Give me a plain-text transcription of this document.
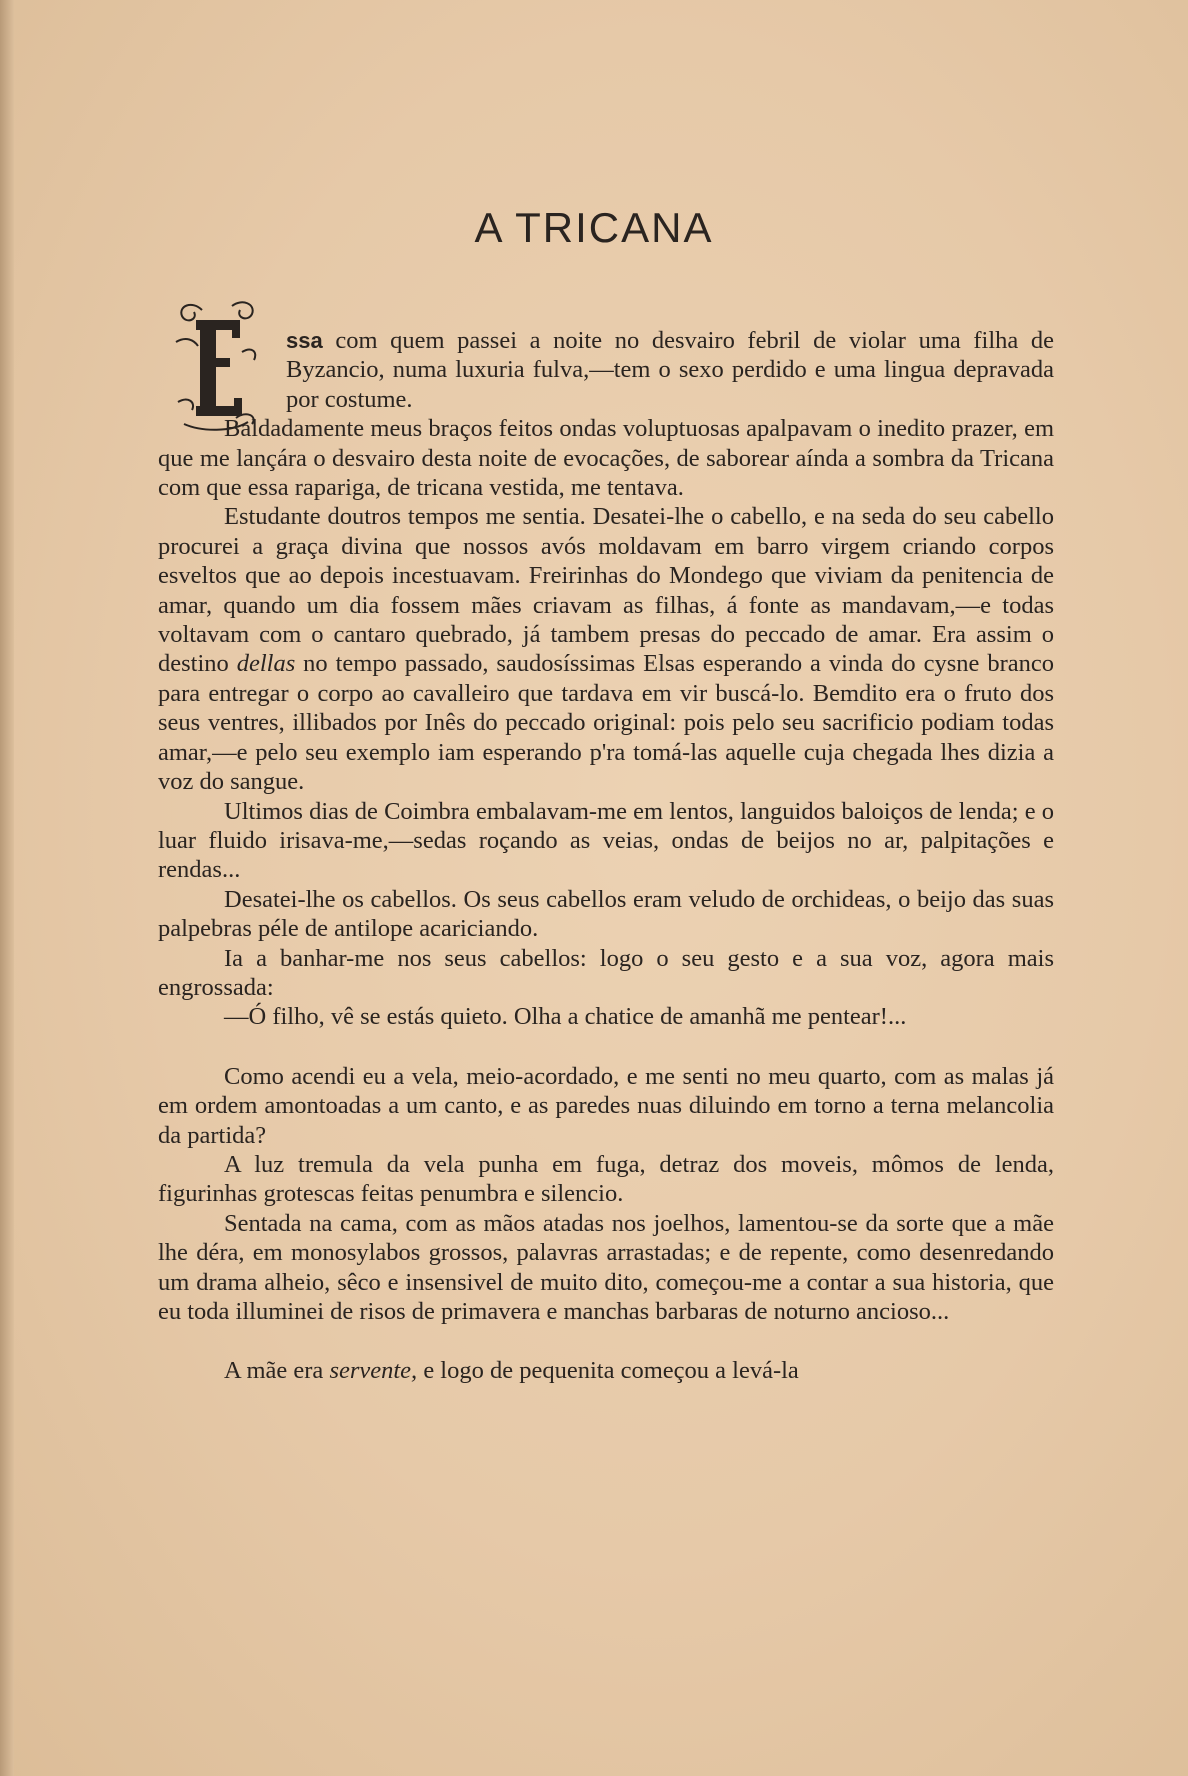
A TRICANA

ssa com quem passei a noite no desvairo febril de violar uma filha de Byzancio, numa luxuria fulva,—tem o sexo perdido e uma lingua depravada por costume.

Baldadamente meus braços feitos ondas voluptuosas apalpavam o inedito prazer, em que me lançára o desvairo desta noite de evocações, de saborear aínda a sombra da Tricana com que essa rapariga, de tricana vestida, me tentava.

Estudante doutros tempos me sentia. Desatei-lhe o cabello, e na seda do seu cabello procurei a graça divina que nossos avós moldavam em barro virgem criando corpos esveltos que ao depois incestuavam. Freirinhas do Mondego que viviam da penitencia de amar, quando um dia fossem mães criavam as filhas, á fonte as mandavam,—e todas voltavam com o cantaro quebrado, já tambem presas do peccado de amar. Era assim o destino dellas no tempo passado, saudosíssimas Elsas esperando a vinda do cysne branco para entregar o corpo ao cavalleiro que tardava em vir buscá-lo. Bemdito era o fruto dos seus ventres, illibados por Inês do peccado original: pois pelo seu sacrificio podiam todas amar,—e pelo seu exemplo iam esperando p'ra tomá-las aquelle cuja chegada lhes dizia a voz do sangue.

Ultimos dias de Coimbra embalavam-me em lentos, languidos baloiços de lenda; e o luar fluido irisava-me,—sedas roçando as veias, ondas de beijos no ar, palpitações e rendas...

Desatei-lhe os cabellos. Os seus cabellos eram veludo de orchideas, o beijo das suas palpebras péle de antilope acariciando.

Ia a banhar-me nos seus cabellos: logo o seu gesto e a sua voz, agora mais engrossada:

—Ó filho, vê se estás quieto. Olha a chatice de amanhã me pentear!...

Como acendi eu a vela, meio-acordado, e me senti no meu quarto, com as malas já em ordem amontoadas a um canto, e as paredes nuas diluindo em torno a terna melancolia da partida?

A luz tremula da vela punha em fuga, detraz dos moveis, mômos de lenda, figurinhas grotescas feitas penumbra e silencio.

Sentada na cama, com as mãos atadas nos joelhos, lamentou-se da sorte que a mãe lhe déra, em monosylabos grossos, palavras arrastadas; e de repente, como desenredando um drama alheio, sêco e insensivel de muito dito, começou-me a contar a sua historia, que eu toda illuminei de risos de primavera e manchas barbaras de noturno ancioso...

A mãe era servente, e logo de pequenita começou a levá-la
